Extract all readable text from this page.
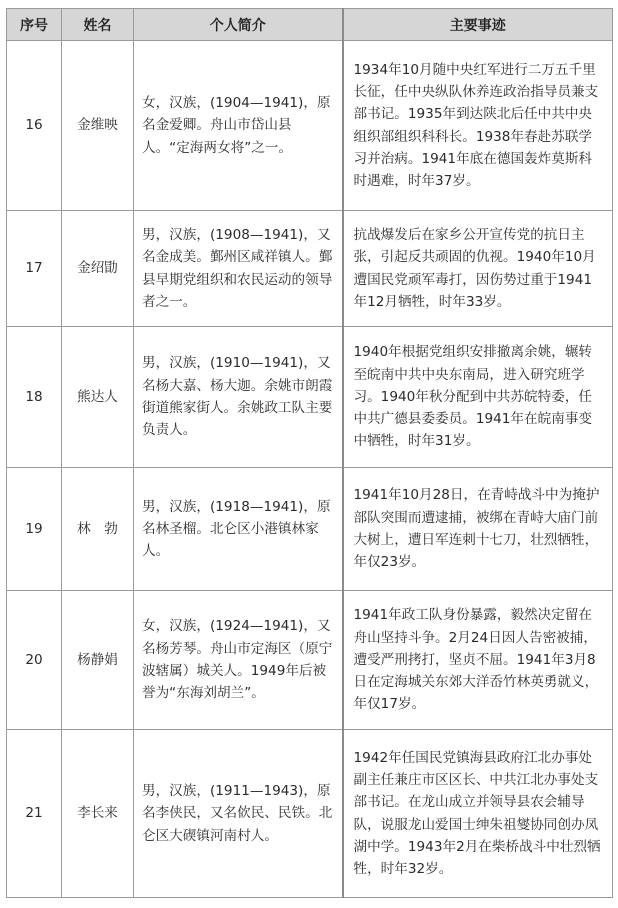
序号	姓名	个人简介	主要事迹
16	金维映	女，汉族，(1904—1941)，原名金爱卿。舟山市岱山县人。“定海两女将”之一。	1934年10月随中央红军进行二万五千里长征，任中央纵队休养连政治指导员兼支部书记。1935年到达陕北后任中共中央组织部组织科科长。1938年春赴苏联学习并治病。1941年底在德国轰炸莫斯科时遇难，时年37岁。
17	金绍勖	男，汉族，(1908—1941)，又名金成美。鄞州区咸祥镇人。鄞县早期党组织和农民运动的领导者之一。	抗战爆发后在家乡公开宣传党的抗日主张，引起反共顽固的仇视。1940年10月遭国民党顽军毒打，因伤势过重于1941年12月牺牲，时年33岁。
18	熊达人	男，汉族，(1910—1941)，又名杨大嘉、杨大迦。余姚市朗霞街道熊家街人。余姚政工队主要负责人。	1940年根据党组织安排撤离余姚，辗转至皖南中共中央东南局，进入研究班学习。1940年秋分配到中共苏皖特委，任中共广德县委委员。1941年在皖南事变中牺牲，时年31岁。
19	林　勃	男，汉族，(1918—1941)，原名林圣榴。北仑区小港镇林家人。	1941年10月28日，在青峙战斗中为掩护部队突围而遭逮捕，被绑在青峙大庙门前大树上，遭日军连刺十七刀，壮烈牺牲，年仅23岁。
20	杨静娟	女，汉族，(1924—1941)，又名杨芳琴。舟山市定海区（原宁波辖属）城关人。1949年后被誉为“东海刘胡兰”。	1941年政工队身份暴露，毅然决定留在舟山坚持斗争。2月24日因人告密被捕，遭受严刑拷打，坚贞不屈。1941年3月8日在定海城关东郊大洋岙竹林英勇就义，年仅17岁。
21	李长来	男，汉族，(1911—1943)，原名李侠民，又名佽民、民铁。北仑区大碶镇河南村人。	1942年任国民党镇海县政府江北办事处副主任兼庄市区区长、中共江北办事处支部书记。在龙山成立并领导县农会辅导队，说服龙山爱国士绅朱祖燮协同创办凤湖中学。1943年2月在柴桥战斗中壮烈牺牲，时年32岁。
